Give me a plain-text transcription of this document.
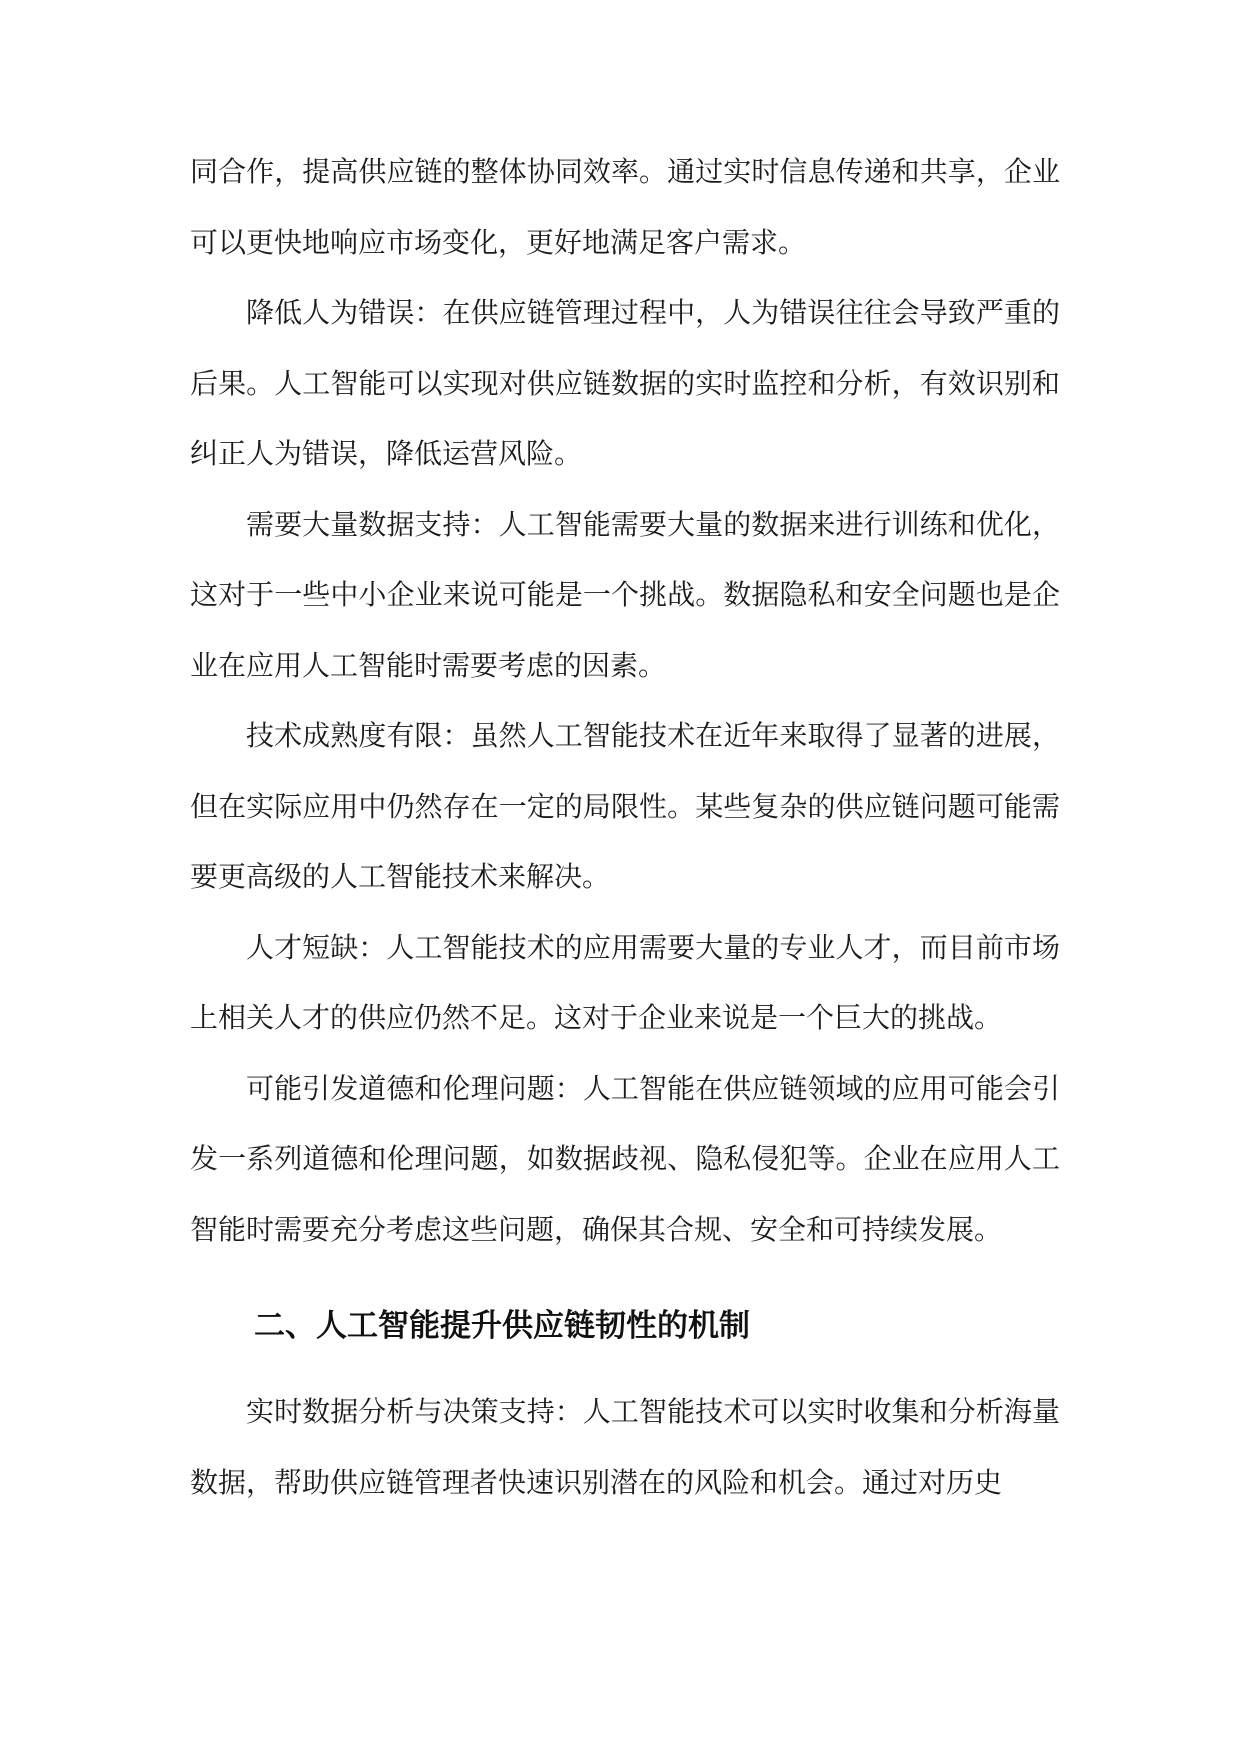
同合作，提高供应链的整体协同效率。通过实时信息传递和共享，企业可以更快地响应市场变化，更好地满足客户需求。

降低人为错误：在供应链管理过程中，人为错误往往会导致严重的后果。人工智能可以实现对供应链数据的实时监控和分析，有效识别和纠正人为错误，降低运营风险。

需要大量数据支持：人工智能需要大量的数据来进行训练和优化，这对于一些中小企业来说可能是一个挑战。数据隐私和安全问题也是企业在应用人工智能时需要考虑的因素。

技术成熟度有限：虽然人工智能技术在近年来取得了显著的进展，但在实际应用中仍然存在一定的局限性。某些复杂的供应链问题可能需要更高级的人工智能技术来解决。

人才短缺：人工智能技术的应用需要大量的专业人才，而目前市场上相关人才的供应仍然不足。这对于企业来说是一个巨大的挑战。

可能引发道德和伦理问题：人工智能在供应链领域的应用可能会引发一系列道德和伦理问题，如数据歧视、隐私侵犯等。企业在应用人工智能时需要充分考虑这些问题，确保其合规、安全和可持续发展。

二、人工智能提升供应链韧性的机制

实时数据分析与决策支持：人工智能技术可以实时收集和分析海量数据，帮助供应链管理者快速识别潜在的风险和机会。通过对历史
